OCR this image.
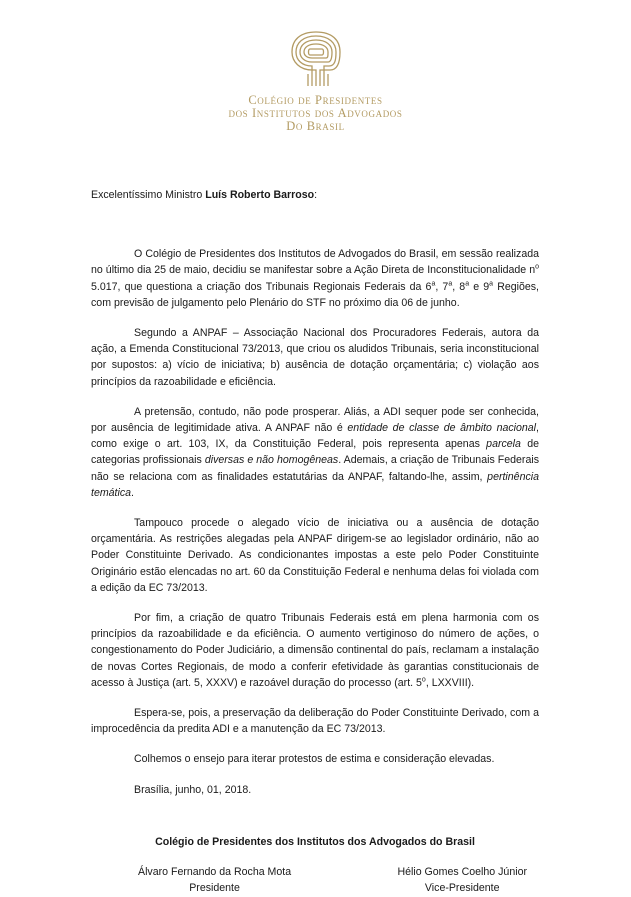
Colégio de Presidentes
dos Institutos dos Advogados
Do Brasil

Excelentíssimo Ministro Luís Roberto Barroso:

O Colégio de Presidentes dos Institutos de Advogados do Brasil, em sessão realizada no último dia 25 de maio, decidiu se manifestar sobre a Ação Direta de Inconstitucionalidade $n^o$ 5.017, que questiona a criação dos Tribunais Regionais Federais da 6$^a$, 7$^a$, 8$^a$ e 9$^a$ Regiões, com previsão de julgamento pelo Plenário do STF no próximo dia 06 de junho.

Segundo a ANPAF – Associação Nacional dos Procuradores Federais, autora da ação, a Emenda Constitucional 73/2013, que criou os aludidos Tribunais, seria inconstitucional por supostos: a) vício de iniciativa; b) ausência de dotação orçamentária; c) violação aos princípios da razoabilidade e eficiência.

A pretensão, contudo, não pode prosperar. Aliás, a ADI sequer pode ser conhecida, por ausência de legitimidade ativa. A ANPAF não é entidade de classe de âmbito nacional, como exige o art. 103, IX, da Constituição Federal, pois representa apenas parcela de categorias profissionais diversas e não homogêneas. Ademais, a criação de Tribunais Federais não se relaciona com as finalidades estatutárias da ANPAF, faltando-lhe, assim, pertinência temática.

Tampouco procede o alegado vício de iniciativa ou a ausência de dotação orçamentária. As restrições alegadas pela ANPAF dirigem-se ao legislador ordinário, não ao Poder Constituinte Derivado. As condicionantes impostas a este pelo Poder Constituinte Originário estão elencadas no art. 60 da Constituição Federal e nenhuma delas foi violada com a edição da EC 73/2013.

Por fim, a criação de quatro Tribunais Federais está em plena harmonia com os princípios da razoabilidade e da eficiência. O aumento vertiginoso do número de ações, o congestionamento do Poder Judiciário, a dimensão continental do país, reclamam a instalação de novas Cortes Regionais, de modo a conferir efetividade às garantias constitucionais de acesso à Justiça (art. 5, XXXV) e razoável duração do processo (art. 5$^o$, LXXVIII).

Espera-se, pois, a preservação da deliberação do Poder Constituinte Derivado, com a improcedência da predita ADI e a manutenção da EC 73/2013.

Colhemos o ensejo para iterar protestos de estima e consideração elevadas.

Brasília, junho, 01, 2018.

Colégio de Presidentes dos Institutos dos Advogados do Brasil

Álvaro Fernando da Rocha Mota
Presidente
Hélio Gomes Coelho Júnior
Vice-Presidente
